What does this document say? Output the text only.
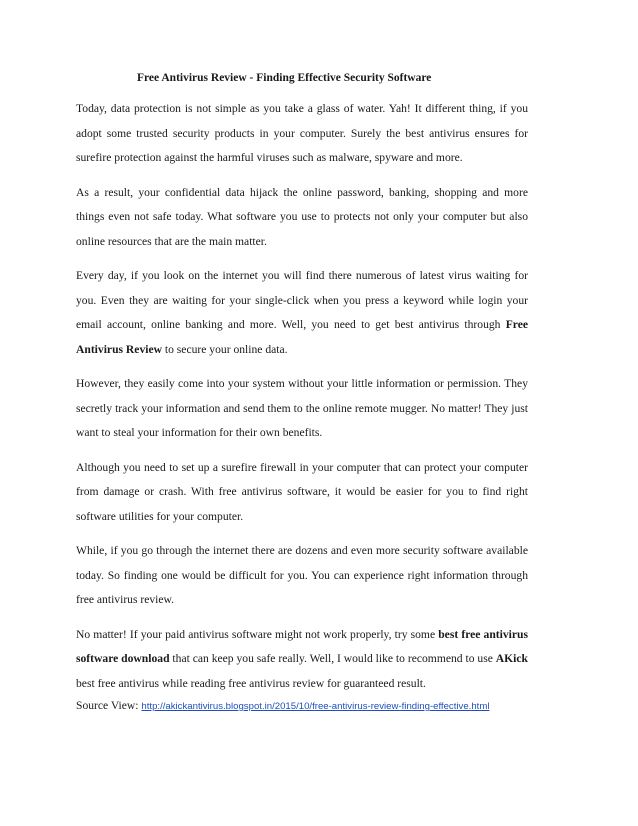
Free Antivirus Review - Finding Effective Security Software

Today, data protection is not simple as you take a glass of water. Yah! It different thing, if you adopt some trusted security products in your computer. Surely the best antivirus ensures for surefire protection against the harmful viruses such as malware, spyware and more.

As a result, your confidential data hijack the online password, banking, shopping and more things even not safe today. What software you use to protects not only your computer but also online resources that are the main matter.

Every day, if you look on the internet you will find there numerous of latest virus waiting for you. Even they are waiting for your single-click when you press a keyword while login your email account, online banking and more. Well, you need to get best antivirus through Free Antivirus Review to secure your online data.

However, they easily come into your system without your little information or permission. They secretly track your information and send them to the online remote mugger. No matter! They just want to steal your information for their own benefits.

Although you need to set up a surefire firewall in your computer that can protect your computer from damage or crash. With free antivirus software, it would be easier for you to find right software utilities for your computer.

While, if you go through the internet there are dozens and even more security software available today. So finding one would be difficult for you. You can experience right information through free antivirus review.

No matter! If your paid antivirus software might not work properly, try some best free antivirus software download that can keep you safe really. Well, I would like to recommend to use AKick best free antivirus while reading free antivirus review for guaranteed result.

Source View: http://akickantivirus.blogspot.in/2015/10/free-antivirus-review-finding-effective.html
